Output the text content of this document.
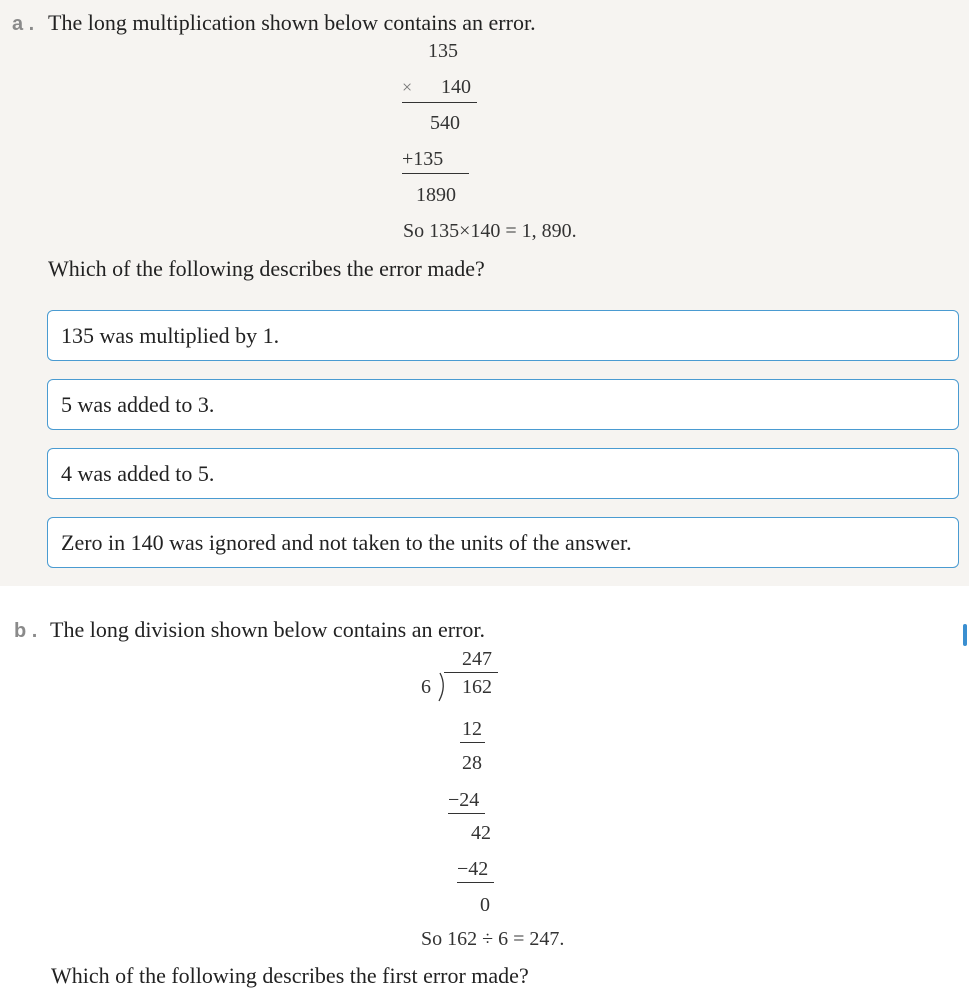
a . The long multiplication shown below contains an error.
135
× 140
540
+135
1890
So 135×140 = 1, 890.
Which of the following describes the error made?
135 was multiplied by 1.
5 was added to 3.
4 was added to 5.
Zero in 140 was ignored and not taken to the units of the answer.
b . The long division shown below contains an error.
247
6 162
12
28
−24
42
−42
0
So 162 ÷ 6 = 247.
Which of the following describes the first error made?
